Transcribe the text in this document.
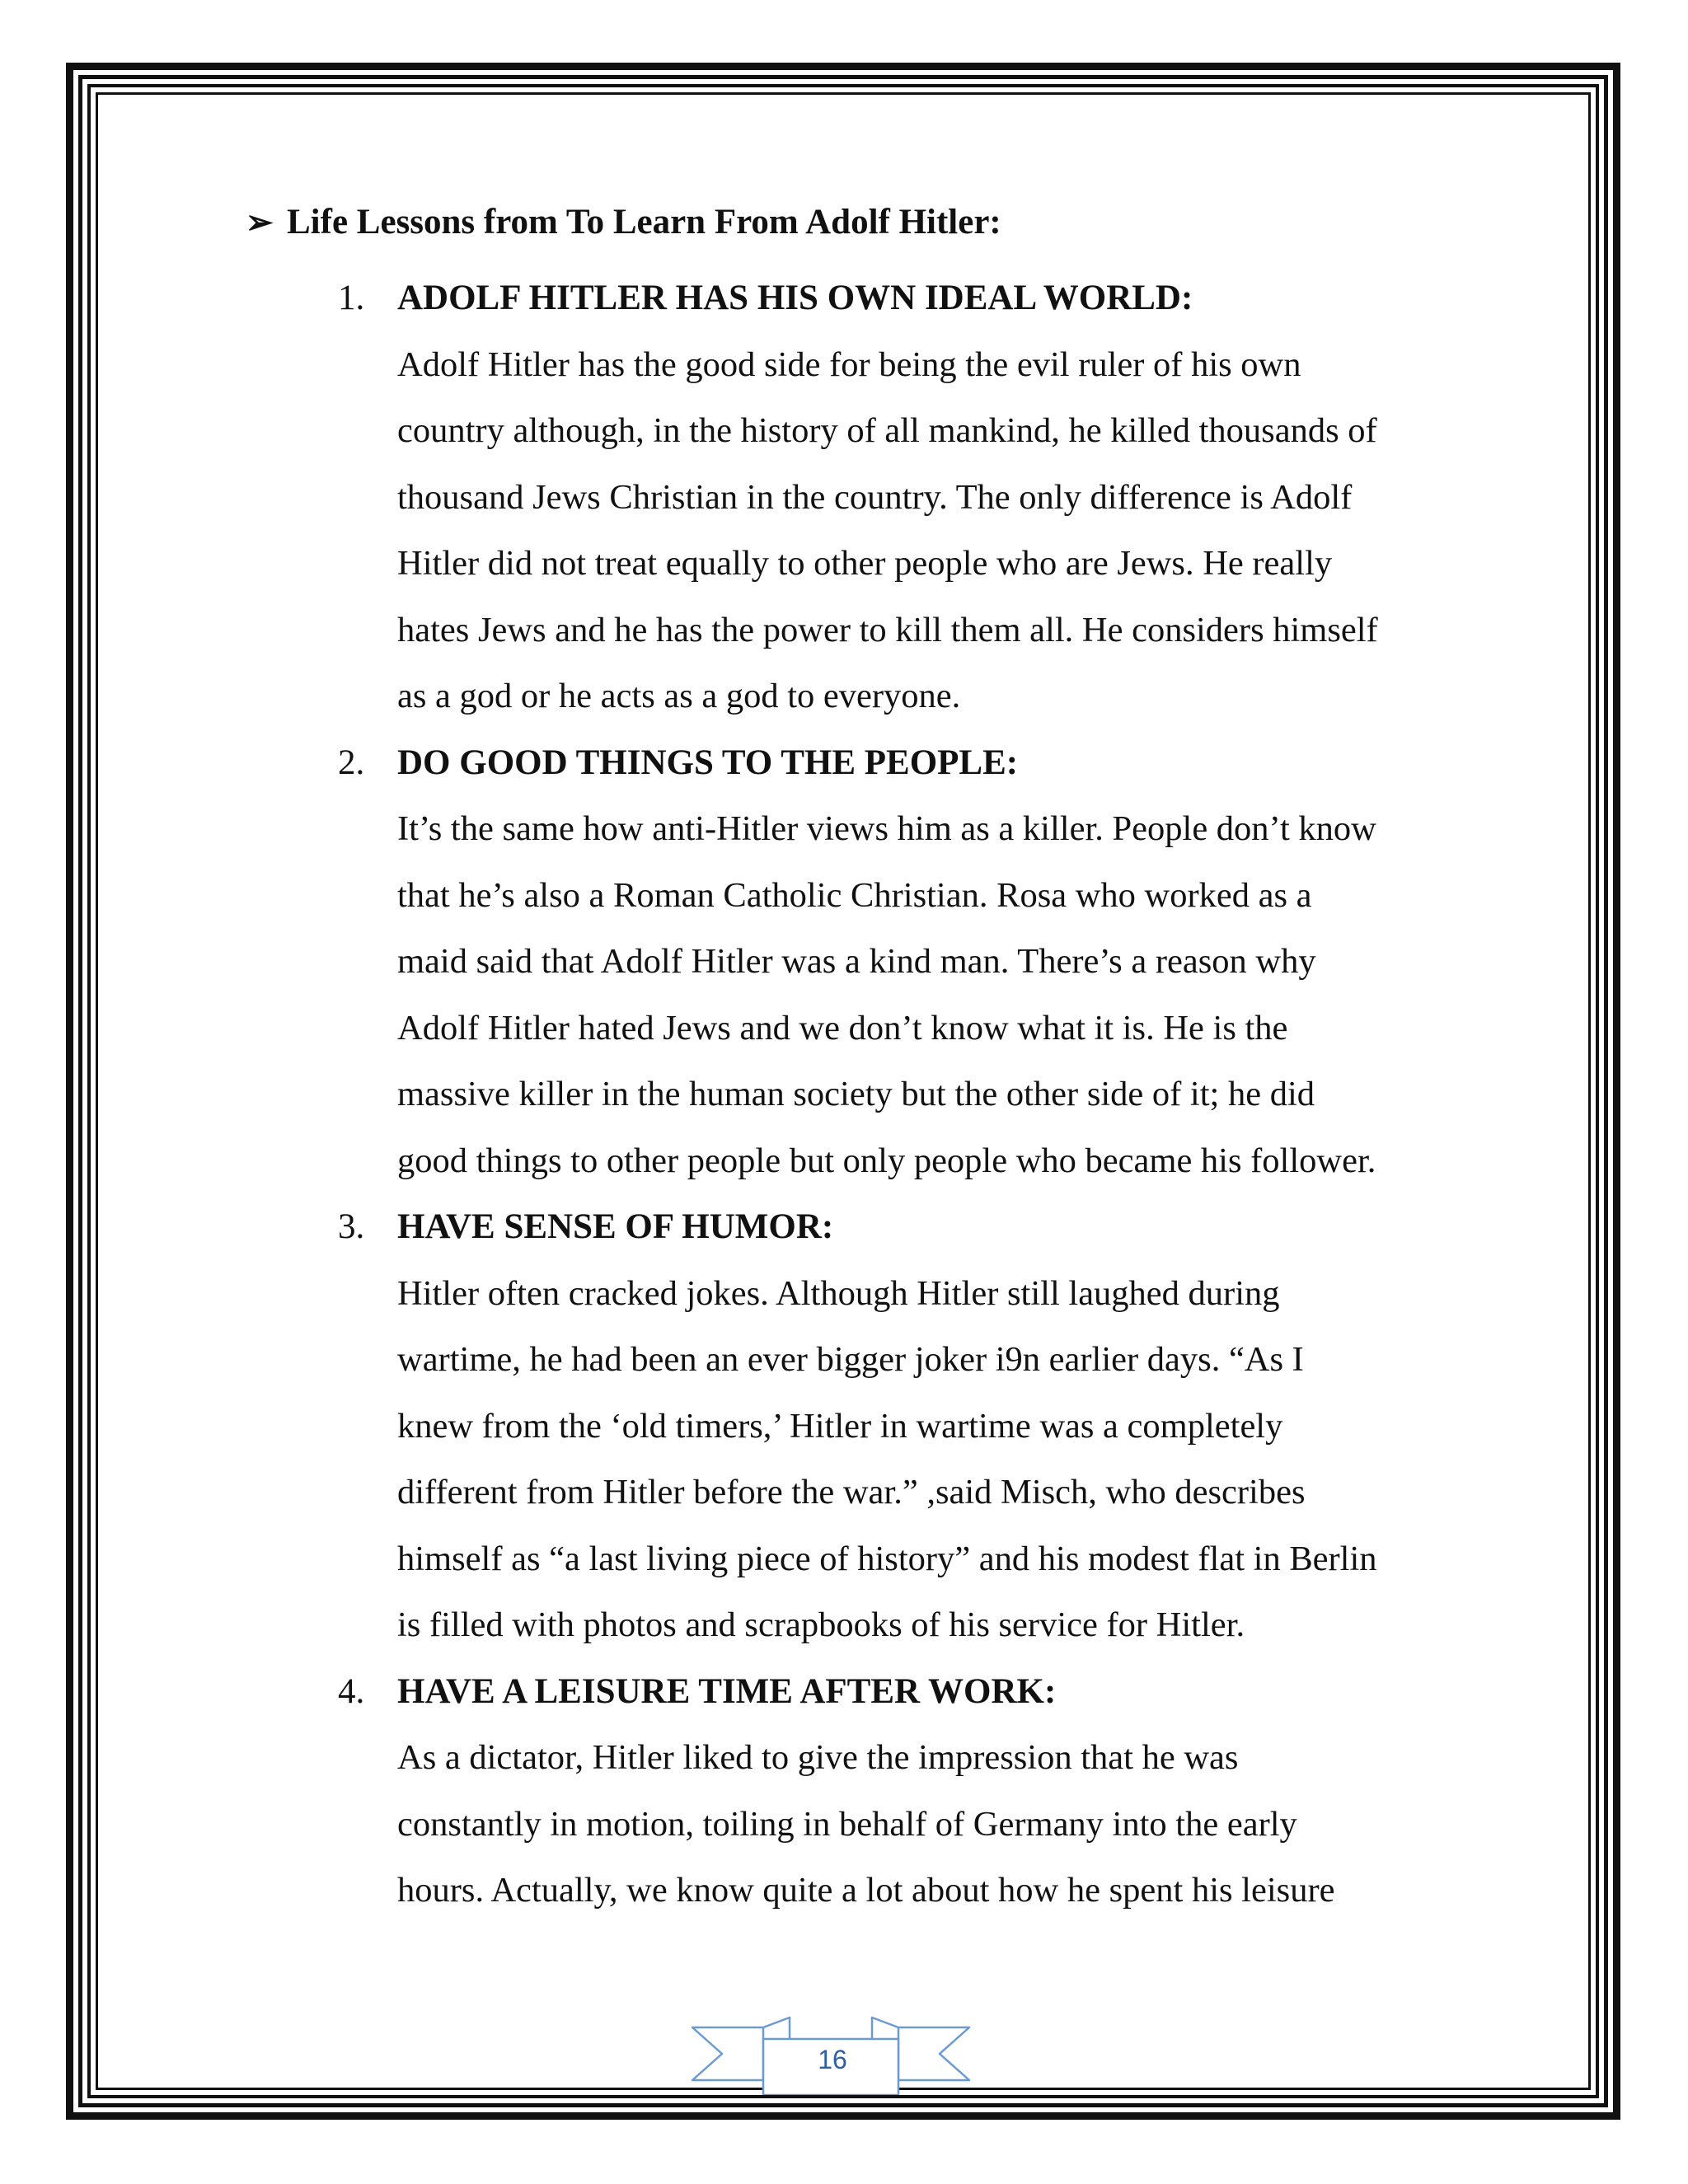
➢ Life Lessons from To Learn From Adolf Hitler:
1. ADOLF HITLER HAS HIS OWN IDEAL WORLD:
Adolf Hitler has the good side for being the evil ruler of his own
country although, in the history of all mankind, he killed thousands of
thousand Jews Christian in the country. The only difference is Adolf
Hitler did not treat equally to other people who are Jews. He really
hates Jews and he has the power to kill them all. He considers himself
as a god or he acts as a god to everyone.
2. DO GOOD THINGS TO THE PEOPLE:
It’s the same how anti-Hitler views him as a killer. People don’t know
that he’s also a Roman Catholic Christian. Rosa who worked as a
maid said that Adolf Hitler was a kind man. There’s a reason why
Adolf Hitler hated Jews and we don’t know what it is. He is the
massive killer in the human society but the other side of it; he did
good things to other people but only people who became his follower.
3. HAVE SENSE OF HUMOR:
Hitler often cracked jokes. Although Hitler still laughed during
wartime, he had been an ever bigger joker i9n earlier days. “As I
knew from the ‘old timers,’ Hitler in wartime was a completely
different from Hitler before the war.” ,said Misch, who describes
himself as “a last living piece of history” and his modest flat in Berlin
is filled with photos and scrapbooks of his service for Hitler.
4. HAVE A LEISURE TIME AFTER WORK:
As a dictator, Hitler liked to give the impression that he was
constantly in motion, toiling in behalf of Germany into the early
hours. Actually, we know quite a lot about how he spent his leisure
16
